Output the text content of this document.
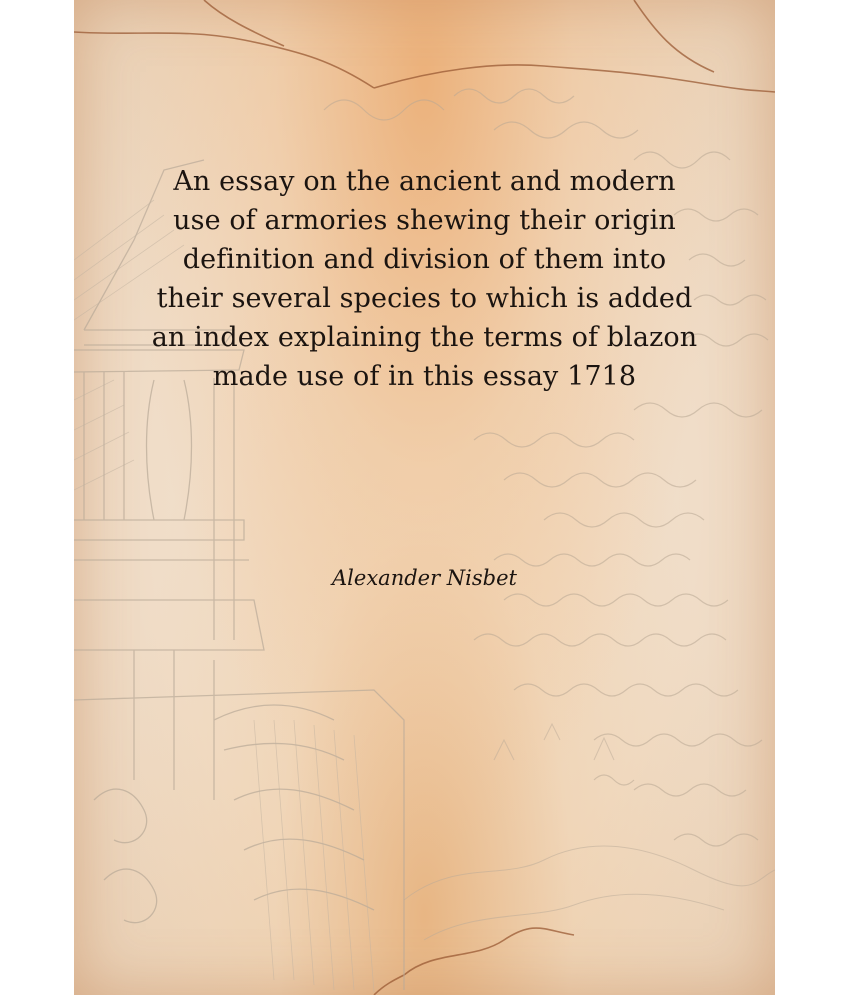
An essay on the ancient and modern
use of armories shewing their origin
definition and division of them into
their several species to which is added
an index explaining the terms of blazon
made use of in this essay 1718
Alexander Nisbet
